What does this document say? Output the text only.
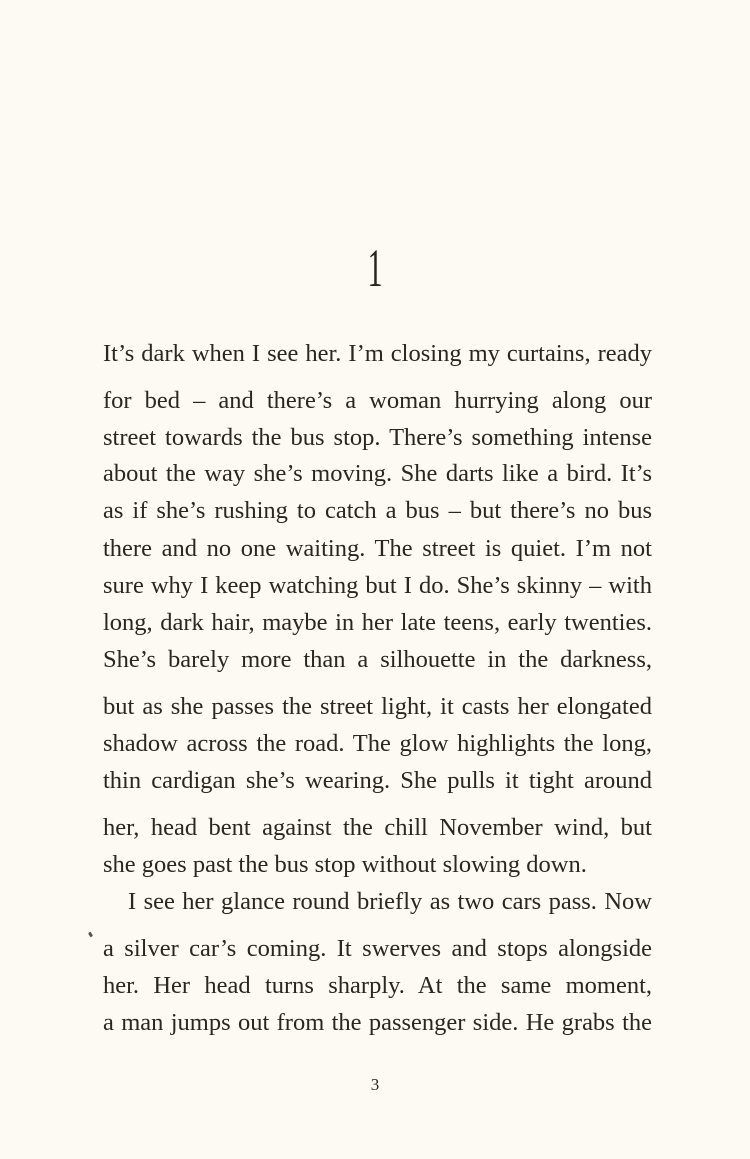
1
It’s dark when I see her. I’m closing my curtains, ready
for bed – and there’s a woman hurrying along our
street towards the bus stop. There’s something intense
about the way she’s moving. She darts like a bird. It’s
as if she’s rushing to catch a bus – but there’s no bus
there and no one waiting. The street is quiet. I’m not
sure why I keep watching but I do. She’s skinny – with
long, dark hair, maybe in her late teens, early twenties.
She’s barely more than a silhouette in the darkness,
but as she passes the street light, it casts her elongated
shadow across the road. The glow highlights the long,
thin cardigan she’s wearing. She pulls it tight around
her, head bent against the chill November wind, but
she goes past the bus stop without slowing down.
I see her glance round briefly as two cars pass. Now
a silver car’s coming. It swerves and stops alongside
her. Her head turns sharply. At the same moment,
a man jumps out from the passenger side. He grabs the
3
